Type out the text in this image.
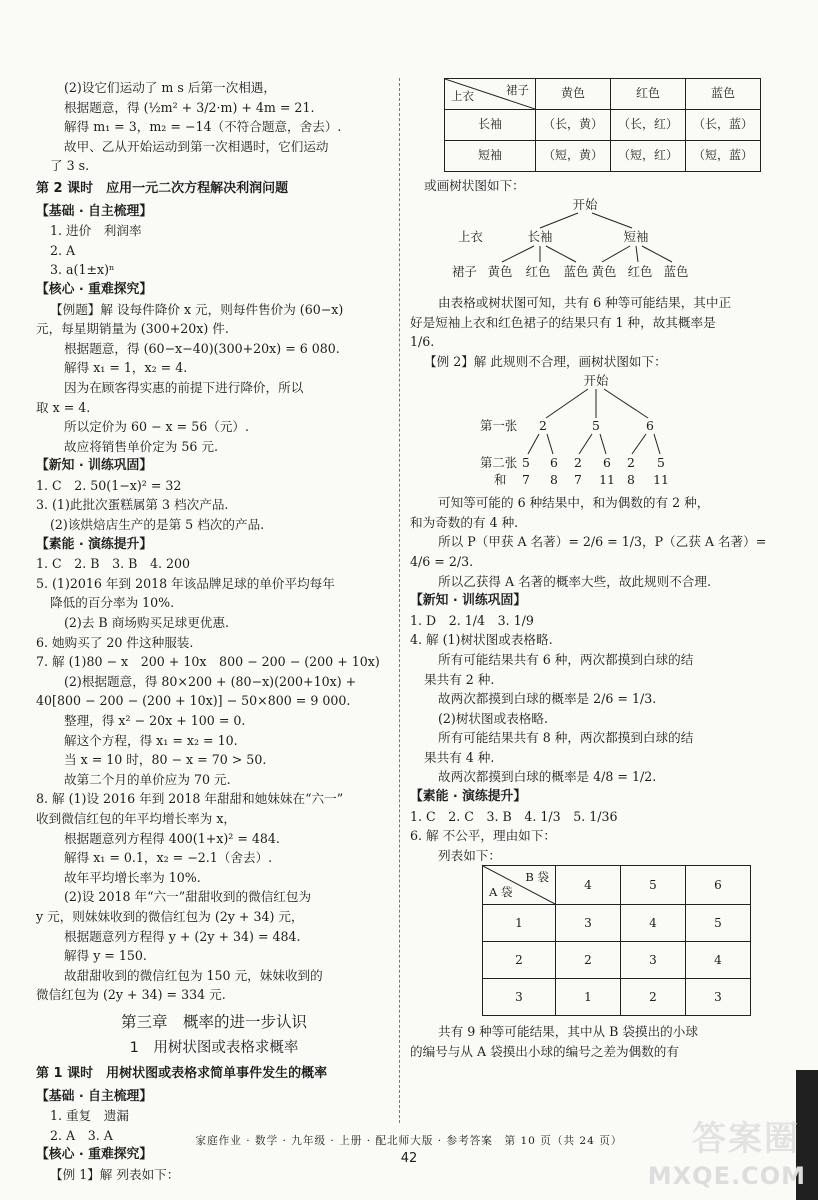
(2)设它们运动了 m s 后第一次相遇，
根据题意，得 (½m² + 3/2·m) + 4m = 21.
解得 m₁ = 3，m₂ = −14（不符合题意，舍去）.
故甲、乙从开始运动到第一次相遇时，它们运动
了 3 s.
第 2 课时　应用一元二次方程解决利润问题
【基础 · 自主梳理】
1. 进价　利润率
2. A
3. a(1±x)ⁿ
【核心 · 重难探究】
【例题】解 设每件降价 x 元，则每件售价为 (60−x)
元，每星期销量为 (300+20x) 件.
根据题意，得 (60−x−40)(300+20x) = 6 080.
解得 x₁ = 1，x₂ = 4.
因为在顾客得实惠的前提下进行降价，所以
取 x = 4.
所以定价为 60 − x = 56（元）.
故应将销售单价定为 56 元.
【新知 · 训练巩固】
1. C　2. 50(1−x)² = 32
3. (1)此批次蛋糕属第 3 档次产品.
(2)该烘焙店生产的是第 5 档次的产品.
【素能 · 演练提升】
1. C　2. B　3. B　4. 200
5. (1)2016 年到 2018 年该品牌足球的单价平均每年
降低的百分率为 10%.
(2)去 B 商场购买足球更优惠.
6. 她购买了 20 件这种服装.
7. 解 (1)80 − x　200 + 10x　800 − 200 − (200 + 10x)
(2)根据题意，得 80×200 + (80−x)(200+10x) +
40[800 − 200 − (200 + 10x)] − 50×800 = 9 000.
整理，得 x² − 20x + 100 = 0.
解这个方程，得 x₁ = x₂ = 10.
当 x = 10 时，80 − x = 70 > 50.
故第二个月的单价应为 70 元.
8. 解 (1)设 2016 年到 2018 年甜甜和她妹妹在“六一”
收到微信红包的年平均增长率为 x，
根据题意列方程得 400(1+x)² = 484.
解得 x₁ = 0.1，x₂ = −2.1（舍去）.
故年平均增长率为 10%.
(2)设 2018 年“六一”甜甜收到的微信红包为
y 元，则妹妹收到的微信红包为 (2y + 34) 元，
根据题意列方程得 y + (2y + 34) = 484.
解得 y = 150.
故甜甜收到的微信红包为 150 元，妹妹收到的
微信红包为 (2y + 34) = 334 元.
第三章　概率的进一步认识
1　用树状图或表格求概率
第 1 课时　用树状图或表格求简单事件发生的概率
【基础 · 自主梳理】
1. 重复　遗漏
2. A　3. A
【核心 · 重难探究】
【例 1】解 列表如下：
裙子
上衣	黄色	红色	蓝色
长袖	（长，黄）	（长，红）	（长，蓝）
短袖	（短，黄）	（短，红）	（短，蓝）
或画树状图如下：
开始
上衣	长袖	短袖
裙子 黄色 红色 蓝色 黄色 红色 蓝色
由表格或树状图可知，共有 6 种等可能结果，其中正
好是短袖上衣和红色裙子的结果只有 1 种，故其概率是
1/6.
【例 2】解 此规则不合理，画树状图如下：
开始
第一张 2	5	6
第二张 5 6 2 6 2 5
和 7 8 7 11 8 11
可知等可能的 6 种结果中，和为偶数的有 2 种，
和为奇数的有 4 种.
所以 P（甲获 A 名著）= 2/6 = 1/3，P（乙获 A 名著）=
4/6 = 2/3.
所以乙获得 A 名著的概率大些，故此规则不合理.
【新知 · 训练巩固】
1. D　2. 1/4　3. 1/9
4. 解 (1)树状图或表格略.
所有可能结果共有 6 种，两次都摸到白球的结
果共有 2 种.
故两次都摸到白球的概率是 2/6 = 1/3.
(2)树状图或表格略.
所有可能结果共有 8 种，两次都摸到白球的结
果共有 4 种.
故两次都摸到白球的概率是 4/8 = 1/2.
【素能 · 演练提升】
1. C　2. C　3. B　4. 1/3　5. 1/36
6. 解 不公平，理由如下：
列表如下：
B 袋
A 袋	4	5	6
1	3	4	5
2	2	3	4
3	1	2	3
共有 9 种等可能结果，其中从 B 袋摸出的小球
的编号与从 A 袋摸出小球的编号之差为偶数的有
家庭作业 · 数学 · 九年级 · 上册 · 配北师大版 · 参考答案　第 10 页（共 24 页）
42	答案圈
MXQE.COM
